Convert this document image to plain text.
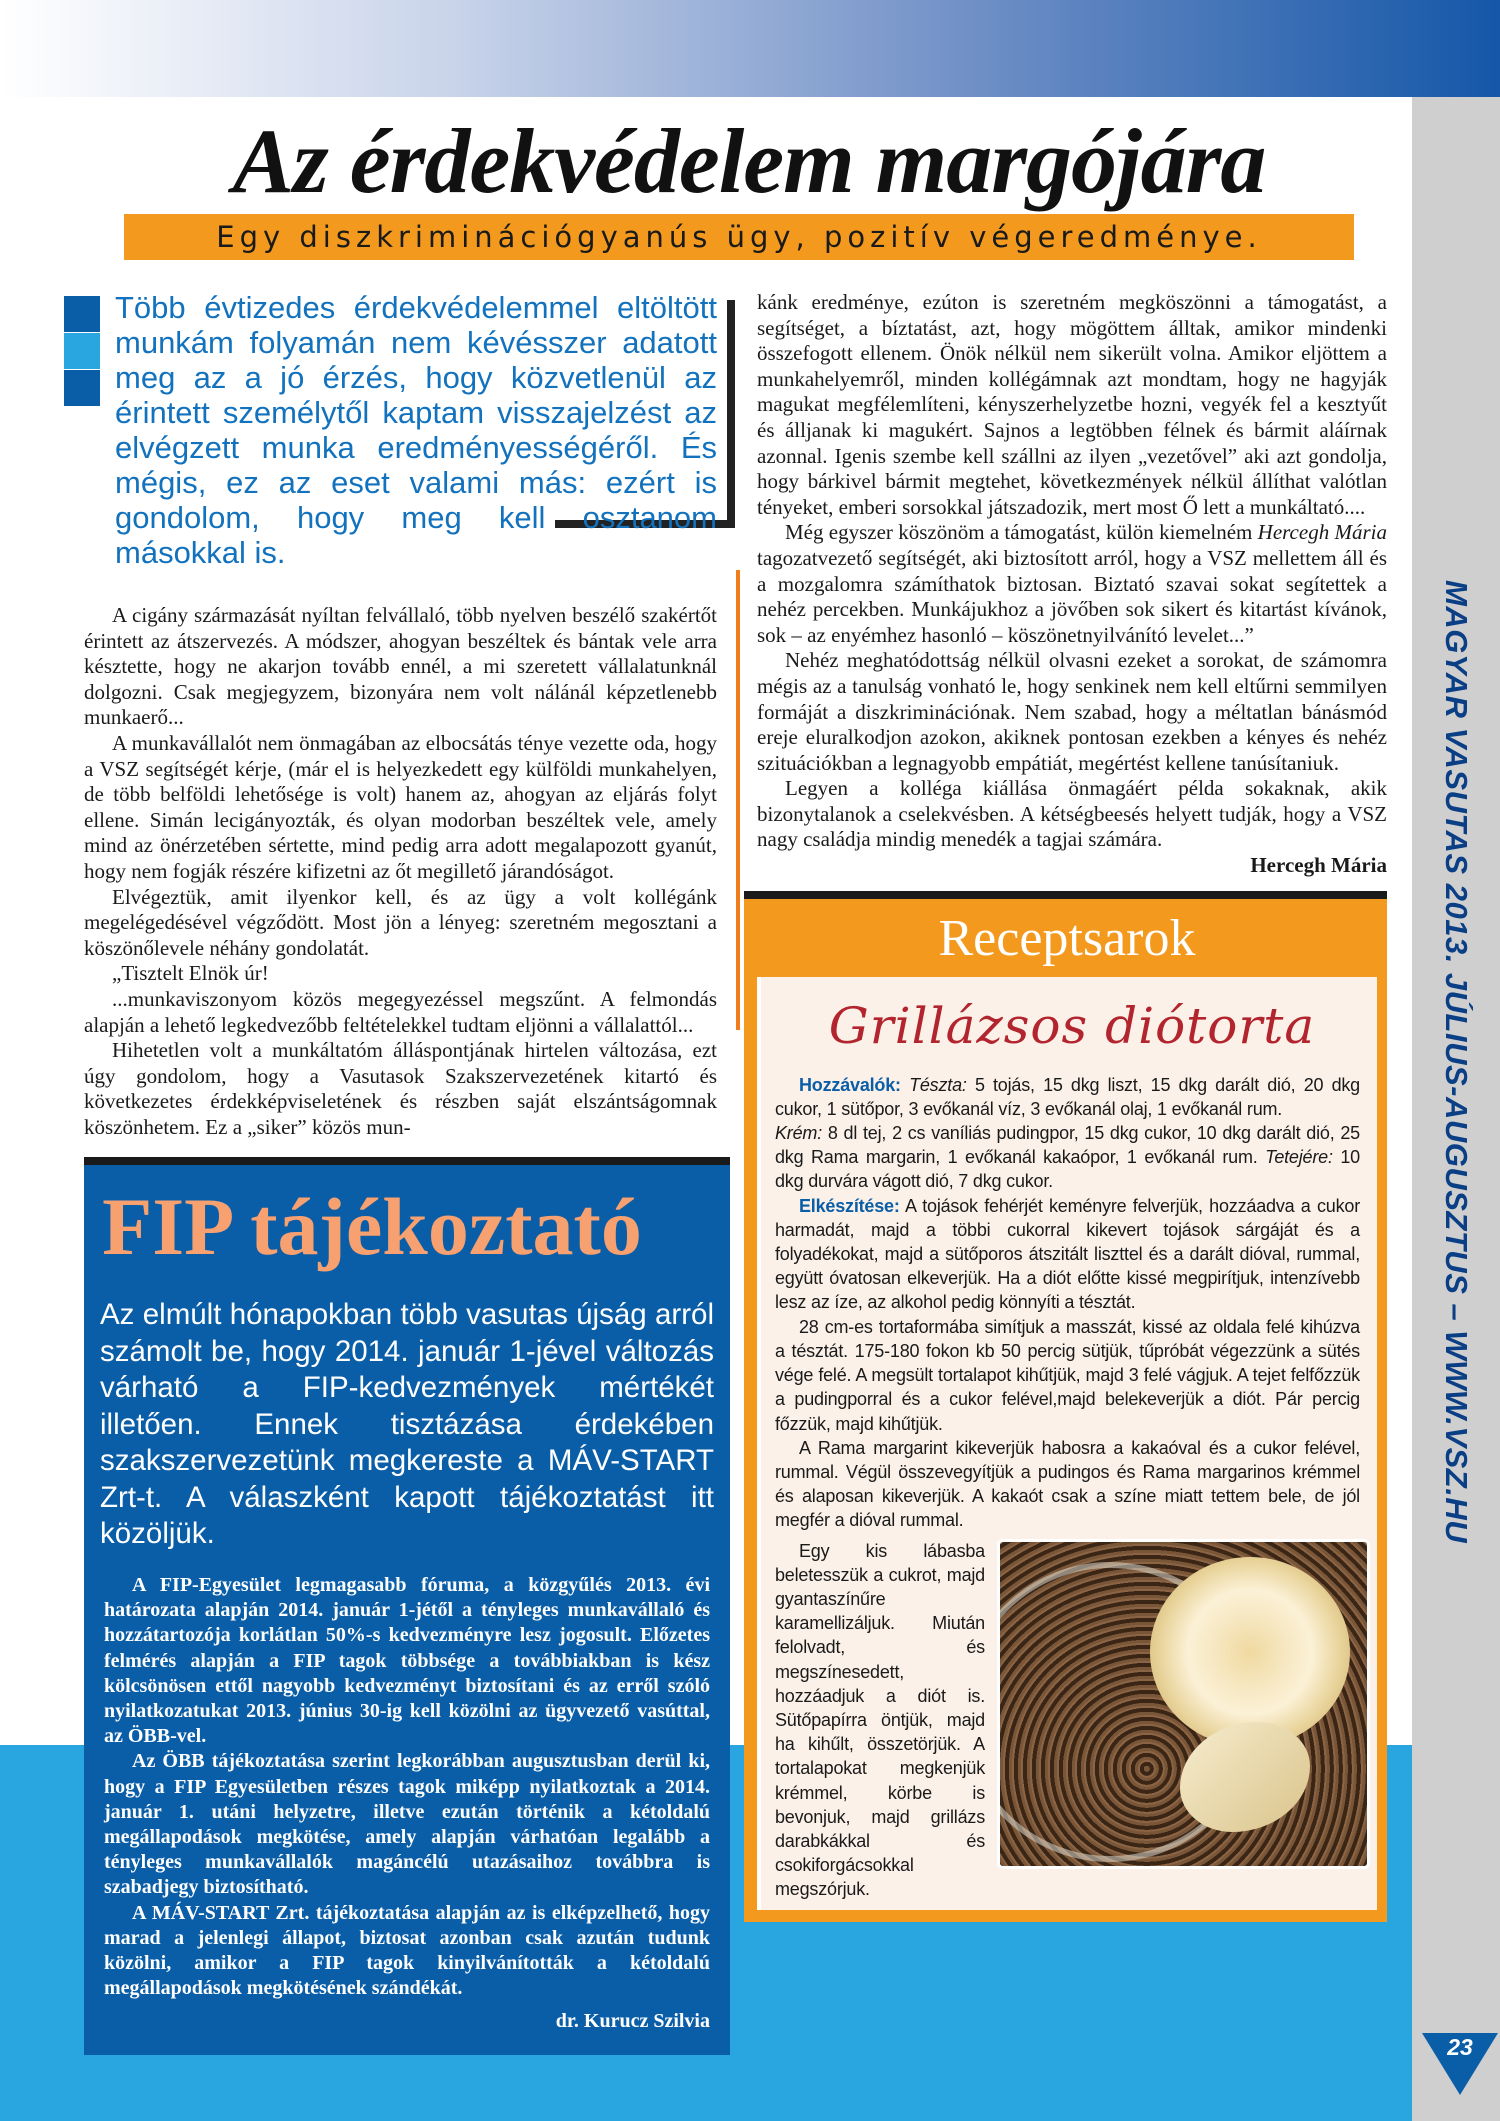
MAGYAR VASUTAS 2013. JÚLIUS-AUGUSZTUS – WWW.VSZ.HU
23
Az érdekvédelem margójára
Egy diszkriminációgyanús ügy, pozitív végeredménye.
Több évtizedes érdekvédelemmel eltöltött munkám folyamán nem kévésszer adatott meg az a jó érzés, hogy közvetlenül az érintett személytől kaptam visszajelzést az elvégzett munka eredményességéről. És mégis, ez az eset valami más: ezért is gondolom, hogy meg kell osztanom másokkal is.

A cigány származását nyíltan felvállaló, több nyelven beszélő szakértőt érintett az átszervezés. A módszer, ahogyan beszéltek és bántak vele arra késztette, hogy ne akarjon tovább ennél, a mi szeretett vállalatunknál dolgozni. Csak megjegyzem, bizonyára nem volt nálánál képzetlenebb munkaerő...

A munkavállalót nem önmagában az elbocsátás ténye vezette oda, hogy a VSZ segítségét kérje, (már el is helyezkedett egy külföldi munkahelyen, de több belföldi lehetősége is volt) hanem az, ahogyan az eljárás folyt ellene. Simán lecigányozták, és olyan modorban beszéltek vele, amely mind az önérzetében sértette, mind pedig arra adott megalapozott gyanút, hogy nem fogják részére kifizetni az őt megillető járandóságot.

Elvégeztük, amit ilyenkor kell, és az ügy a volt kollégánk megelégedésével végződött. Most jön a lényeg: szeretném megosztani a köszönőlevele néhány gondolatát.

„Tisztelt Elnök úr!

...munkaviszonyom közös megegyezéssel megszűnt. A felmondás alapján a lehető legkedvezőbb feltételekkel tudtam eljönni a vállalattól...

Hihetetlen volt a munkáltatóm álláspontjának hirtelen változása, ezt úgy gondolom, hogy a Vasutasok Szakszervezetének kitartó és következetes érdekképviseletének és részben saját elszántságomnak köszönhetem. Ez a „siker” közös mun-

FIP tájékoztató
Az elmúlt hónapokban több vasutas újság arról számolt be, hogy 2014. január 1-jével változás várható a FIP-kedvezmények mértékét illetően. Ennek tisztázása érdekében szakszervezetünk megkereste a MÁV-START Zrt-t. A válaszként kapott tájékoztatást itt közöljük.

A FIP-Egyesület legmagasabb fóruma, a közgyűlés 2013. évi határozata alapján 2014. január 1-jétől a tényleges munkavállaló és hozzátartozója korlátlan 50%-s kedvezményre lesz jogosult. Előzetes felmérés alapján a FIP tagok többsége a továbbiakban is kész kölcsönösen ettől nagyobb kedvezményt biztosítani és az erről szóló nyilatkozatukat 2013. június 30-ig kell közölni az ügyvezető vasúttal, az ÖBB-vel.

Az ÖBB tájékoztatása szerint legkorábban augusztusban derül ki, hogy a FIP Egyesületben részes tagok miképp nyilatkoztak a 2014. január 1. utáni helyzetre, illetve ezután történik a kétoldalú megállapodások megkötése, amely alapján várhatóan legalább a tényleges munkavállalók magáncélú utazásaihoz továbbra is szabadjegy biztosítható.

A MÁV-START Zrt. tájékoztatása alapján az is elképzelhető, hogy marad a jelenlegi állapot, biztosat azonban csak azután tudunk közölni, amikor a FIP tagok kinyilvánították a kétoldalú megállapodások megkötésének szándékát.

dr. Kurucz Szilvia

kánk eredménye, ezúton is szeretném megköszönni a támogatást, a segítséget, a bíztatást, azt, hogy mögöttem álltak, amikor mindenki összefogott ellenem. Önök nélkül nem sikerült volna. Amikor eljöttem a munkahelyemről, minden kollégámnak azt mondtam, hogy ne hagyják magukat megfélemlíteni, kényszerhelyzetbe hozni, vegyék fel a kesztyűt és álljanak ki magukért. Sajnos a legtöbben félnek és bármit aláírnak azonnal. Igenis szembe kell szállni az ilyen „vezetővel” aki azt gondolja, hogy bárkivel bármit megtehet, következmények nélkül állíthat valótlan tényeket, emberi sorsokkal játszadozik, mert most Ő lett a munkáltató....

Még egyszer köszönöm a támogatást, külön kiemelném Hercegh Mária tagozatvezető segítségét, aki biztosított arról, hogy a VSZ mellettem áll és a mozgalomra számíthatok biztosan. Biztató szavai sokat segítettek a nehéz percekben. Munkájukhoz a jövőben sok sikert és kitartást kívánok, sok – az enyémhez hasonló – köszönetnyilvánító levelet...”

Nehéz meghatódottság nélkül olvasni ezeket a sorokat, de számomra mégis az a tanulság vonható le, hogy senkinek nem kell eltűrni semmilyen formáját a diszkriminációnak. Nem szabad, hogy a méltatlan bánásmód ereje eluralkodjon azokon, akiknek pontosan ezekben a kényes és nehéz szituációkban a legnagyobb empátiát, megértést kellene tanúsítaniuk.

Legyen a kolléga kiállása önmagáért példa sokaknak, akik bizonytalanok a cselekvésben. A kétségbeesés helyett tudják, hogy a VSZ nagy családja mindig menedék a tagjai számára.

Hercegh Mária

Receptsarok
Grillázsos diótorta

Hozzávalók: Tészta: 5 tojás, 15 dkg liszt, 15 dkg darált dió, 20 dkg cukor, 1 sütőpor, 3 evőkanál víz, 3 evőkanál olaj, 1 evőkanál rum.
Krém: 8 dl tej, 2 cs vaníliás pudingpor, 15 dkg cukor, 10 dkg darált dió, 25 dkg Rama margarin, 1 evőkanál kakaópor, 1 evőkanál rum. Tetejére: 10 dkg durvára vágott dió, 7 dkg cukor.

Elkészítése: A tojások fehérjét keményre felverjük, hozzáadva a cukor harmadát, majd a többi cukorral kikevert tojások sárgáját és a folyadékokat, majd a sütőporos átszitált liszttel és a darált dióval, rummal, együtt óvatosan elkeverjük. Ha a diót előtte kissé megpirítjuk, intenzívebb lesz az íze, az alkohol pedig könnyíti a tésztát.

28 cm-es tortaformába simítjuk a masszát, kissé az oldala felé kihúzva a tésztát. 175-180 fokon kb 50 percig sütjük, tűpróbát végezzünk a sütés vége felé. A megsült tortalapot kihűtjük, majd 3 felé vágjuk. A tejet felfőzzük a pudingporral és a cukor felével,majd belekeverjük a diót. Pár percig főzzük, majd kihűtjük.

A Rama margarint kikeverjük habosra a kakaóval és a cukor felével, rummal. Végül összevegyítjük a pudingos és Rama margarinos krémmel és alaposan kikeverjük. A kakaót csak a színe miatt tettem bele, de jól megfér a dióval rummal.

Egy kis lábasba beletesszük a cukrot, majd gyantaszínűre karamellizáljuk. Miután felolvadt, és megszínesedett, hozzáadjuk a diót is. Sütőpapírra öntjük, majd ha kihűlt, összetörjük. A tortalapokat megkenjük krémmel, körbe is bevonjuk, majd grillázs darabkákkal és csokiforgácsokkal megszórjuk.
